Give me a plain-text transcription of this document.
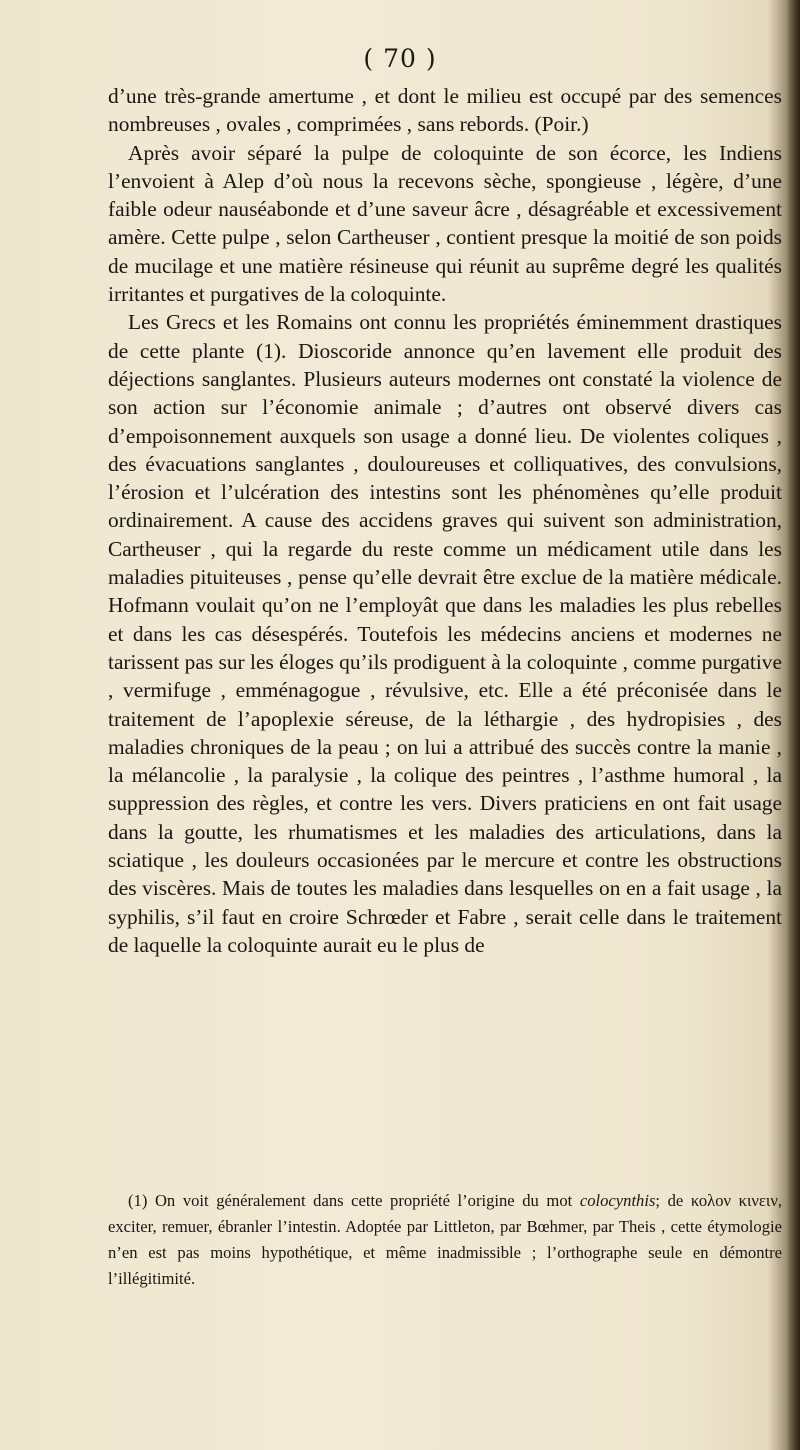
( 70 )

d’une très-grande amertume , et dont le milieu est occupé par des semences nombreuses , ovales , comprimées , sans rebords. (Poir.)

Après avoir séparé la pulpe de coloquinte de son écorce, les Indiens l’envoient à Alep d’où nous la recevons sèche, spongieuse , légère, d’une faible odeur nauséabonde et d’une saveur âcre , désagréable et excessivement amère. Cette pulpe , selon Cartheuser , contient presque la moitié de son poids de mucilage et une matière résineuse qui réunit au suprême degré les qualités irritantes et purgatives de la coloquinte.

Les Grecs et les Romains ont connu les propriétés éminemment drastiques de cette plante (1). Dioscoride annonce qu’en lavement elle produit des déjections sanglantes. Plusieurs auteurs modernes ont constaté la violence de son action sur l’économie animale ; d’autres ont observé divers cas d’empoisonnement auxquels son usage a donné lieu. De violentes coliques , des évacuations sanglantes , douloureuses et colliquatives, des convulsions, l’érosion et l’ulcération des intestins sont les phénomènes qu’elle produit ordinairement. A cause des accidens graves qui suivent son administration, Cartheuser , qui la regarde du reste comme un médicament utile dans les maladies pituiteuses , pense qu’elle devrait être exclue de la matière médicale. Hofmann voulait qu’on ne l’employât que dans les maladies les plus rebelles et dans les cas désespérés. Toutefois les médecins anciens et modernes ne tarissent pas sur les éloges qu’ils prodiguent à la coloquinte , comme purgative , vermifuge , emménagogue , révulsive, etc. Elle a été préconisée dans le traitement de l’apoplexie séreuse, de la léthargie , des hydropisies , des maladies chroniques de la peau ; on lui a attribué des succès contre la manie , la mélancolie , la paralysie , la colique des peintres , l’asthme humoral , la suppression des règles, et contre les vers. Divers praticiens en ont fait usage dans la goutte, les rhumatismes et les maladies des articulations, dans la sciatique , les douleurs occasionées par le mercure et contre les obstructions des viscères. Mais de toutes les maladies dans lesquelles on en a fait usage , la syphilis, s’il faut en croire Schrœder et Fabre , serait celle dans le traitement de laquelle la coloquinte aurait eu le plus de

(1) On voit généralement dans cette propriété l’origine du mot colocynthis; de κολον κινειν, exciter, remuer, ébranler l’intestin. Adoptée par Littleton, par Bœhmer, par Theis , cette étymologie n’en est pas moins hypothétique, et même inadmissible ; l’orthographe seule en démontre l’illégitimité.
